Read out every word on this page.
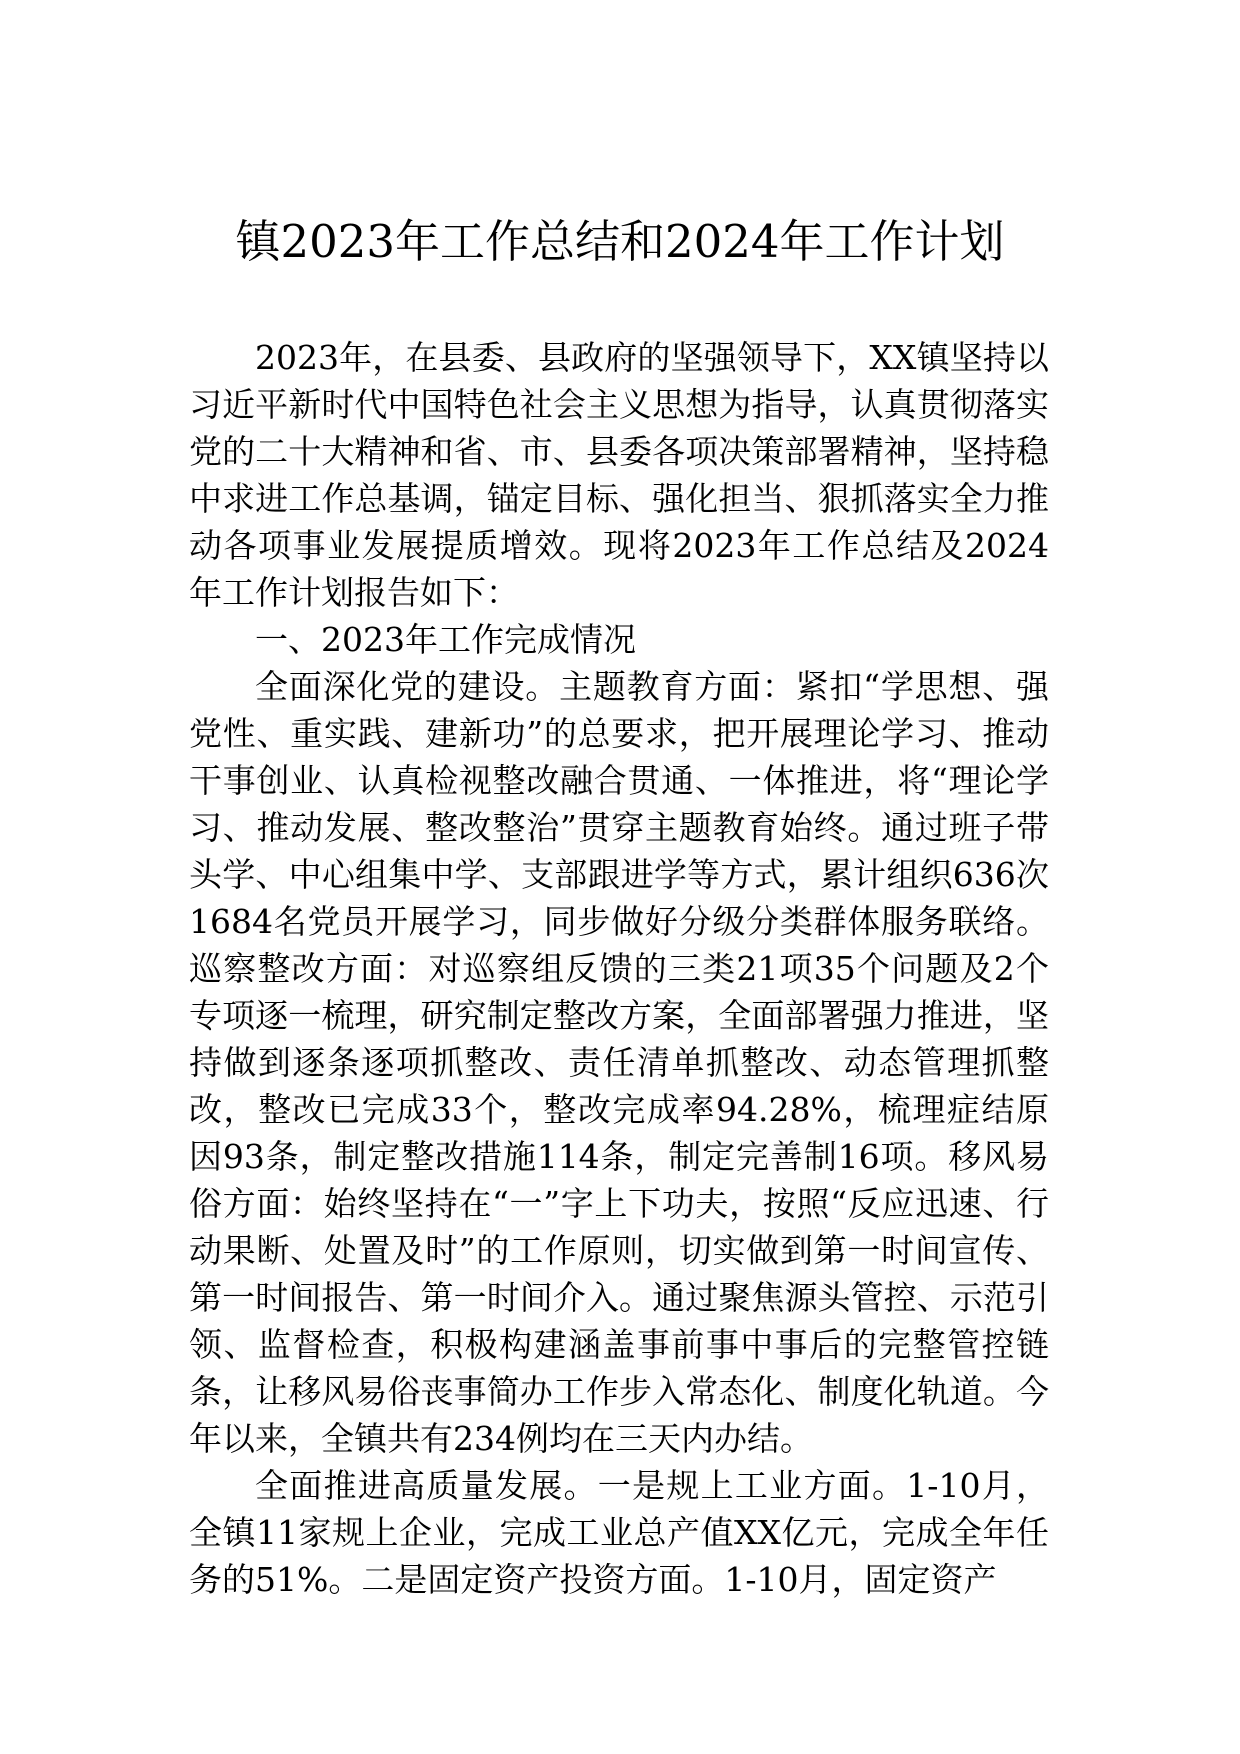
镇2023年工作总结和2024年工作计划

2023年，在县委、县政府的坚强领导下，XX镇坚持以习近平新时代中国特色社会主义思想为指导，认真贯彻落实党的二十大精神和省、市、县委各项决策部署精神，坚持稳中求进工作总基调，锚定目标、强化担当、狠抓落实全力推动各项事业发展提质增效。现将2023年工作总结及2024年工作计划报告如下：

一、2023年工作完成情况

全面深化党的建设。主题教育方面：紧扣“学思想、强党性、重实践、建新功”的总要求，把开展理论学习、推动干事创业、认真检视整改融合贯通、一体推进，将“理论学习、推动发展、整改整治”贯穿主题教育始终。通过班子带头学、中心组集中学、支部跟进学等方式，累计组织636次1684名党员开展学习，同步做好分级分类群体服务联络。巡察整改方面：对巡察组反馈的三类21项35个问题及2个专项逐一梳理，研究制定整改方案，全面部署强力推进，坚持做到逐条逐项抓整改、责任清单抓整改、动态管理抓整改，整改已完成33个，整改完成率94.28%，梳理症结原因93条，制定整改措施114条，制定完善制16项。移风易俗方面：始终坚持在“一”字上下功夫，按照“反应迅速、行动果断、处置及时”的工作原则，切实做到第一时间宣传、第一时间报告、第一时间介入。通过聚焦源头管控、示范引领、监督检查，积极构建涵盖事前事中事后的完整管控链条，让移风易俗丧事简办工作步入常态化、制度化轨道。今年以来，全镇共有234例均在三天内办结。

全面推进高质量发展。一是规上工业方面。1-10月，全镇11家规上企业，完成工业总产值XX亿元，完成全年任务的51%。二是固定资产投资方面。1-10月，固定资产
